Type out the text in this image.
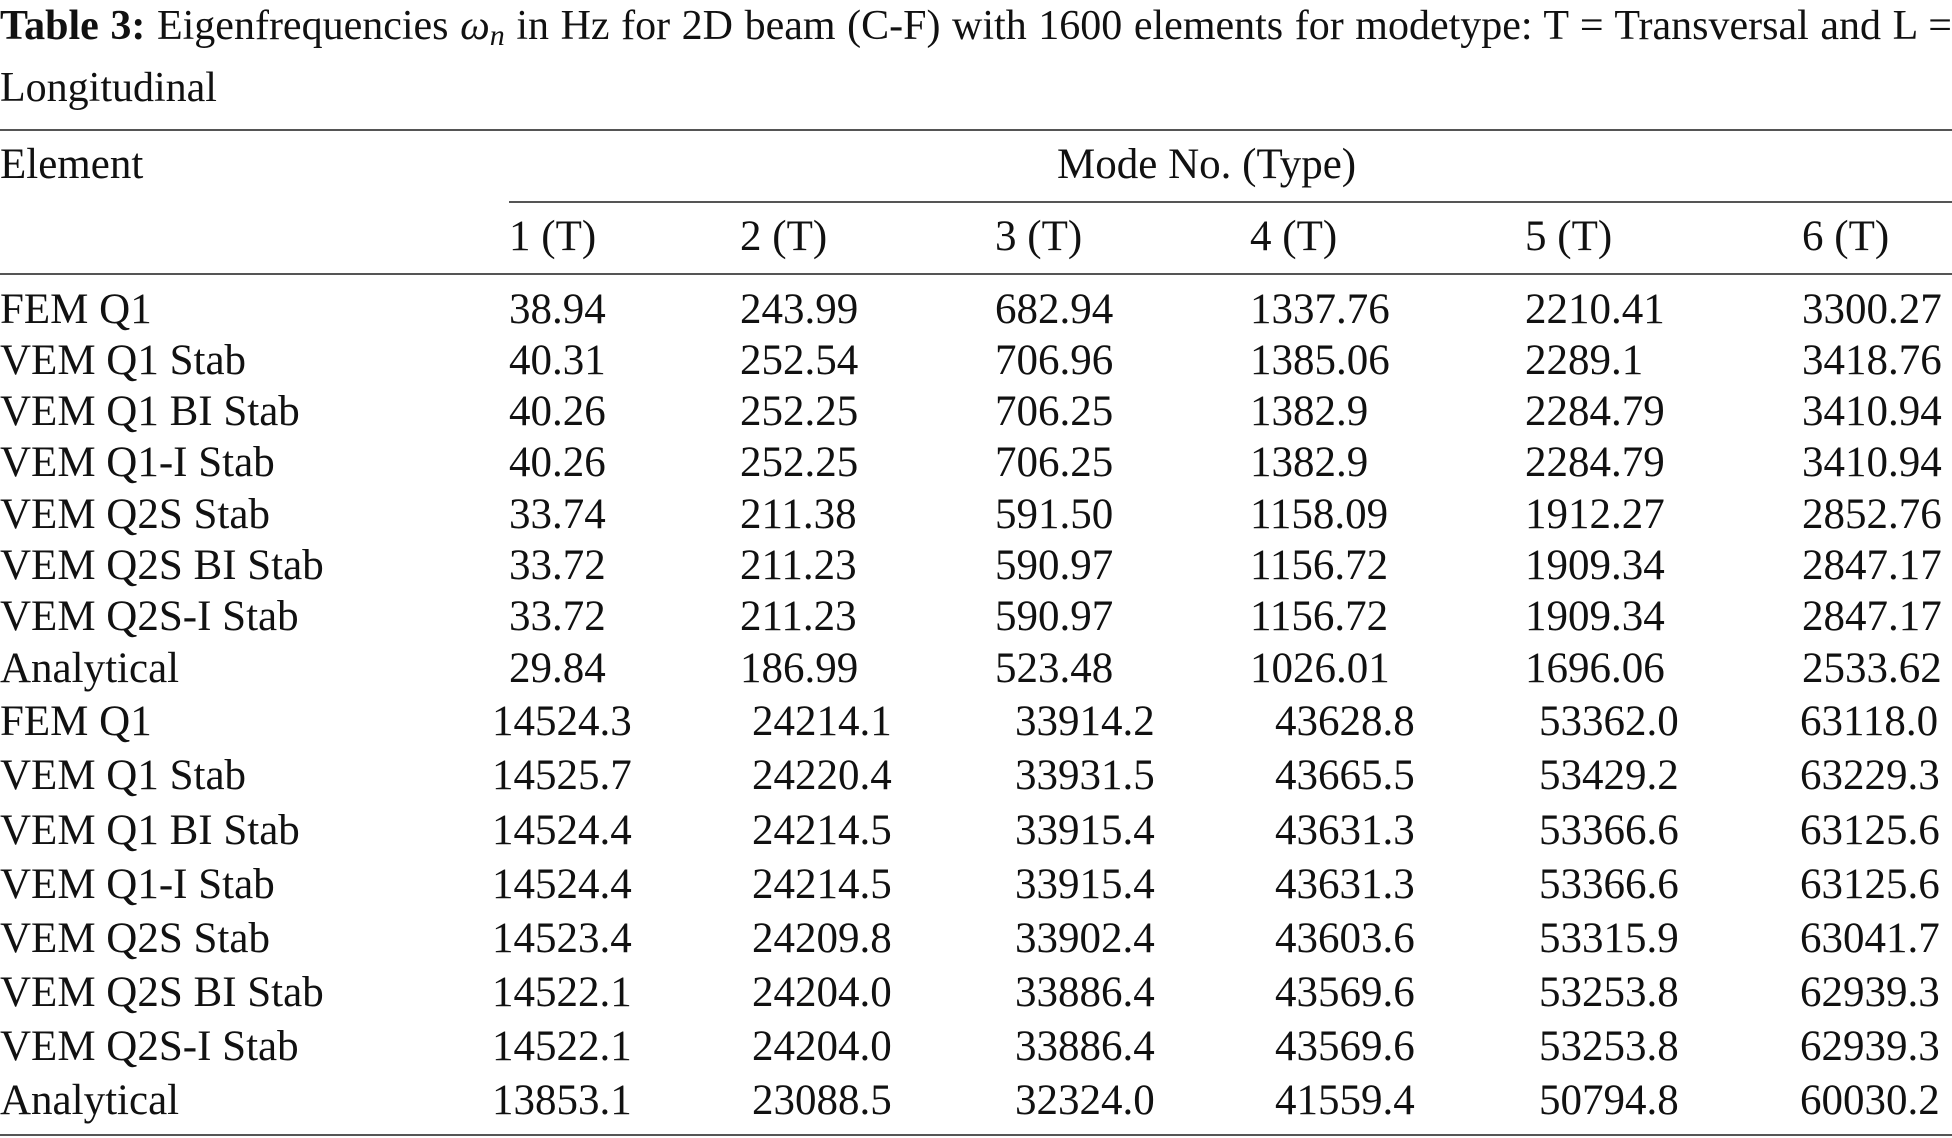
Table 3: Eigenfrequencies $\omega_n$ in Hz for 2D beam (C-F) with 1600 elements for modetype: T = Transversal and L = Longitudinal
Element	Mode No. (Type)
1 (T)	2 (T)	3 (T)	4 (T)	5 (T)	6 (T)
FEM Q1	38.94	243.99	682.94	1337.76	2210.41	3300.27
VEM Q1 Stab	40.31	252.54	706.96	1385.06	2289.1	3418.76
VEM Q1 BI Stab	40.26	252.25	706.25	1382.9	2284.79	3410.94
VEM Q1-I Stab	40.26	252.25	706.25	1382.9	2284.79	3410.94
VEM Q2S Stab	33.74	211.38	591.50	1158.09	1912.27	2852.76
VEM Q2S BI Stab	33.72	211.23	590.97	1156.72	1909.34	2847.17
VEM Q2S-I Stab	33.72	211.23	590.97	1156.72	1909.34	2847.17
Analytical	29.84	186.99	523.48	1026.01	1696.06	2533.62
FEM Q1	14524.3	24214.1	33914.2	43628.8	53362.0	63118.0
VEM Q1 Stab	14525.7	24220.4	33931.5	43665.5	53429.2	63229.3
VEM Q1 BI Stab	14524.4	24214.5	33915.4	43631.3	53366.6	63125.6
VEM Q1-I Stab	14524.4	24214.5	33915.4	43631.3	53366.6	63125.6
VEM Q2S Stab	14523.4	24209.8	33902.4	43603.6	53315.9	63041.7
VEM Q2S BI Stab	14522.1	24204.0	33886.4	43569.6	53253.8	62939.3
VEM Q2S-I Stab	14522.1	24204.0	33886.4	43569.6	53253.8	62939.3
Analytical	13853.1	23088.5	32324.0	41559.4	50794.8	60030.2
